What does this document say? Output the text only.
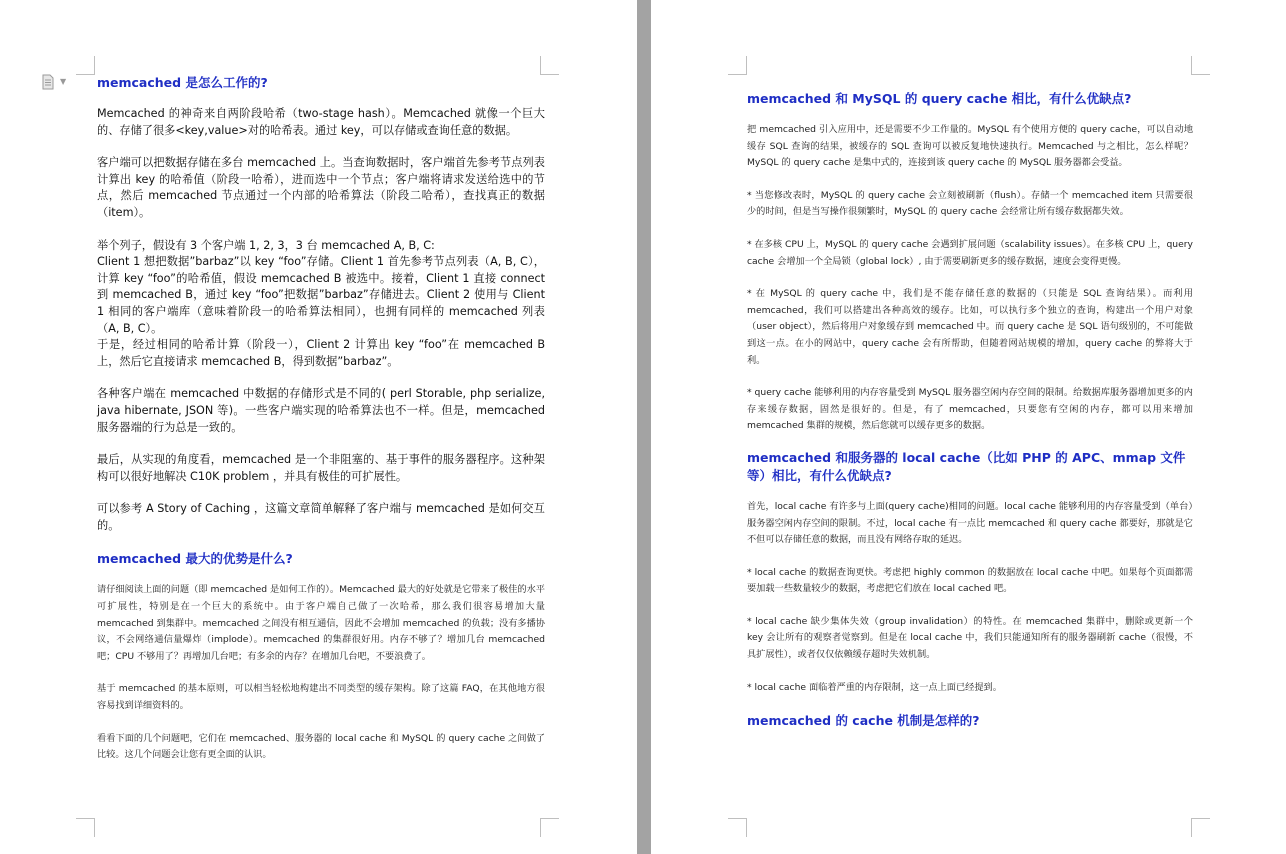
▼ memcached 是怎么工作的?

Memcached 的神奇来自两阶段哈希（two-stage hash）。Memcached 就像一个巨大的、存储了很多<key,value>对的哈希表。通过 key，可以存储或查询任意的数据。

客户端可以把数据存储在多台 memcached 上。当查询数据时，客户端首先参考节点列表计算出 key 的哈希值（阶段一哈希），进而选中一个节点；客户端将请求发送给选中的节点，然后 memcached 节点通过一个内部的哈希算法（阶段二哈希），查找真正的数据（item）。

举个列子，假设有 3 个客户端 1, 2, 3，3 台 memcached A, B, C:

Client 1 想把数据”barbaz”以 key “foo”存储。Client 1 首先参考节点列表（A, B, C），计算 key “foo”的哈希值，假设 memcached B 被选中。接着，Client 1 直接 connect 到 memcached B，通过 key “foo”把数据”barbaz”存储进去。Client 2 使用与 Client 1 相同的客户端库（意味着阶段一的哈希算法相同），也拥有同样的 memcached 列表（A, B, C）。

于是，经过相同的哈希计算（阶段一），Client 2 计算出 key “foo”在 memcached B 上，然后它直接请求 memcached B，得到数据”barbaz”。

各种客户端在 memcached 中数据的存储形式是不同的( perl Storable, php serialize, java hibernate, JSON 等)。一些客户端实现的哈希算法也不一样。但是，memcached 服务器端的行为总是一致的。

最后，从实现的角度看，memcached 是一个非阻塞的、基于事件的服务器程序。这种架构可以很好地解决 C10K problem ，并具有极佳的可扩展性。

可以参考 A Story of Caching ，这篇文章简单解释了客户端与 memcached 是如何交互的。

memcached 最大的优势是什么?

请仔细阅读上面的问题（即 memcached 是如何工作的）。Memcached 最大的好处就是它带来了极佳的水平可扩展性，特别是在一个巨大的系统中。由于客户端自己做了一次哈希，那么我们很容易增加大量 memcached 到集群中。memcached 之间没有相互通信，因此不会增加 memcached 的负载；没有多播协议，不会网络通信量爆炸（implode）。memcached 的集群很好用。内存不够了？增加几台 memcached 吧；CPU 不够用了？再增加几台吧；有多余的内存？在增加几台吧，不要浪费了。

基于 memcached 的基本原则，可以相当轻松地构建出不同类型的缓存架构。除了这篇 FAQ，在其他地方很容易找到详细资料的。

看看下面的几个问题吧，它们在 memcached、服务器的 local cache 和 MySQL 的 query cache 之间做了比较。这几个问题会让您有更全面的认识。

memcached 和 MySQL 的 query cache 相比，有什么优缺点?

把 memcached 引入应用中，还是需要不少工作量的。MySQL 有个使用方便的 query cache，可以自动地缓存 SQL 查询的结果，被缓存的 SQL 查询可以被反复地快速执行。Memcached 与之相比，怎么样呢？MySQL 的 query cache 是集中式的，连接到该 query cache 的 MySQL 服务器都会受益。

* 当您修改表时，MySQL 的 query cache 会立刻被刷新（flush）。存储一个 memcached item 只需要很少的时间，但是当写操作很频繁时，MySQL 的 query cache 会经常让所有缓存数据都失效。

* 在多核 CPU 上，MySQL 的 query cache 会遇到扩展问题（scalability issues）。在多核 CPU 上，query cache 会增加一个全局锁（global lock）, 由于需要刷新更多的缓存数据，速度会变得更慢。

* 在 MySQL 的 query cache 中，我们是不能存储任意的数据的（只能是 SQL 查询结果）。而利用 memcached，我们可以搭建出各种高效的缓存。比如，可以执行多个独立的查询，构建出一个用户对象（user object），然后将用户对象缓存到 memcached 中。而 query cache 是 SQL 语句级别的，不可能做到这一点。在小的网站中，query cache 会有所帮助，但随着网站规模的增加，query cache 的弊将大于利。

* query cache 能够利用的内存容量受到 MySQL 服务器空闲内存空间的限制。给数据库服务器增加更多的内存来缓存数据，固然是很好的。但是，有了 memcached，只要您有空闲的内存，都可以用来增加 memcached 集群的规模，然后您就可以缓存更多的数据。

memcached 和服务器的 local cache（比如 PHP 的 APC、mmap 文件等）相比，有什么优缺点?

首先，local cache 有许多与上面(query cache)相同的问题。local cache 能够利用的内存容量受到（单台）服务器空闲内存空间的限制。不过，local cache 有一点比 memcached 和 query cache 都要好，那就是它不但可以存储任意的数据，而且没有网络存取的延迟。

* local cache 的数据查询更快。考虑把 highly common 的数据放在 local cache 中吧。如果每个页面都需要加载一些数量较少的数据，考虑把它们放在 local cached 吧。

* local cache 缺少集体失效（group invalidation）的特性。在 memcached 集群中，删除或更新一个 key 会让所有的观察者觉察到。但是在 local cache 中，我们只能通知所有的服务器刷新 cache（很慢，不具扩展性），或者仅仅依赖缓存超时失效机制。

* local cache 面临着严重的内存限制，这一点上面已经提到。

memcached 的 cache 机制是怎样的?
